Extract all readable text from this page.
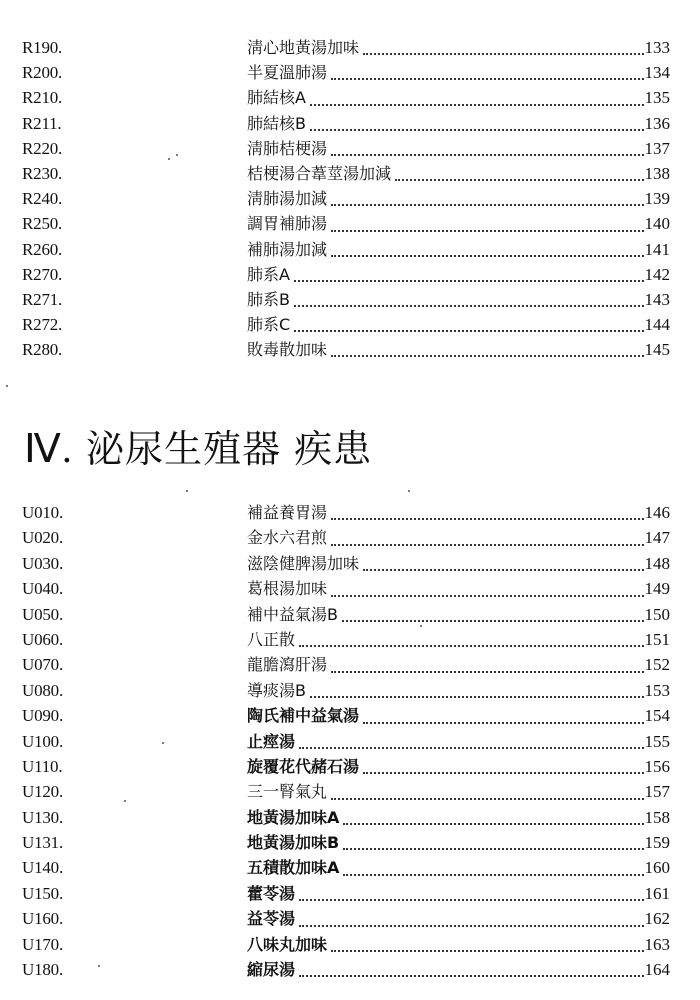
R190.	淸心地黃湯加味	133
R200.	半夏溫肺湯	134
R210.	肺結核A	135
R211.	肺結核B	136
R220.	淸肺桔梗湯	137
R230.	桔梗湯合葦莖湯加減	138
R240.	淸肺湯加減	139
R250.	調胃補肺湯	140
R260.	補肺湯加減	141
R270.	肺系A	142
R271.	肺系B	143
R272.	肺系C	144
R280.	敗毒散加味	145
Ⅳ. 泌尿生殖器 疾患
U010.	補益養胃湯	146
U020.	金水六君煎	147
U030.	滋陰健脾湯加味	148
U040.	葛根湯加味	149
U050.	補中益氣湯B	150
U060.	八正散	151
U070.	龍膽瀉肝湯	152
U080.	導痰湯B	153
U090.	陶氏補中益氣湯	154
U100.	止痙湯	155
U110.	旋覆花代赭石湯	156
U120.	三一腎氣丸	157
U130.	地黃湯加味A	158
U131.	地黃湯加味B	159
U140.	五積散加味A	160
U150.	藿苓湯	161
U160.	益苓湯	162
U170.	八味丸加味	163
U180.	縮尿湯	164
